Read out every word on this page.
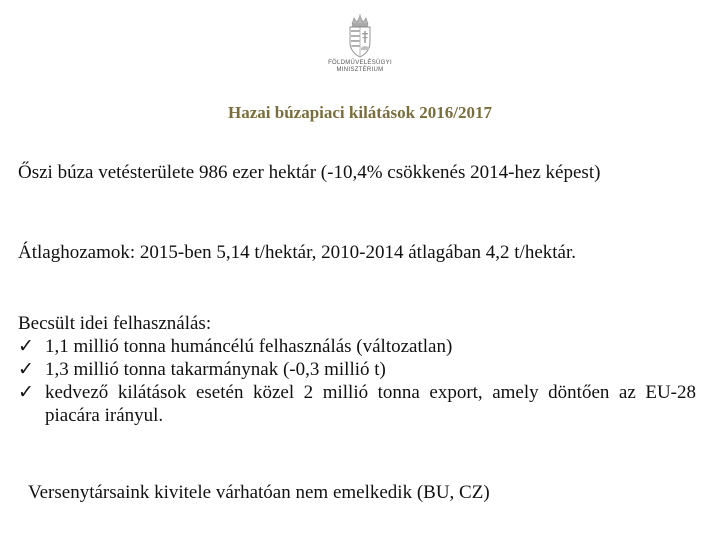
FÖLDMŰVELÉSÜGYI
MINISZTÉRIUM
Hazai búzapiaci kilátások 2016/2017

Őszi búza vetésterülete 986 ezer hektár (-10,4% csökkenés 2014-hez képest)

Átlaghozamok: 2015-ben 5,14 t/hektár, 2010-2014 átlagában 4,2 t/hektár.

Becsült idei felhasználás:

✓ 1,1 millió tonna humáncélú felhasználás (változatlan)
✓ 1,3 millió tonna takarmánynak (-0,3 millió t)
✓ kedvező kilátások esetén közel 2 millió tonna export, amely döntően az EU-28 piacára irányul.

Versenytársaink kivitele várhatóan nem emelkedik (BU, CZ)
